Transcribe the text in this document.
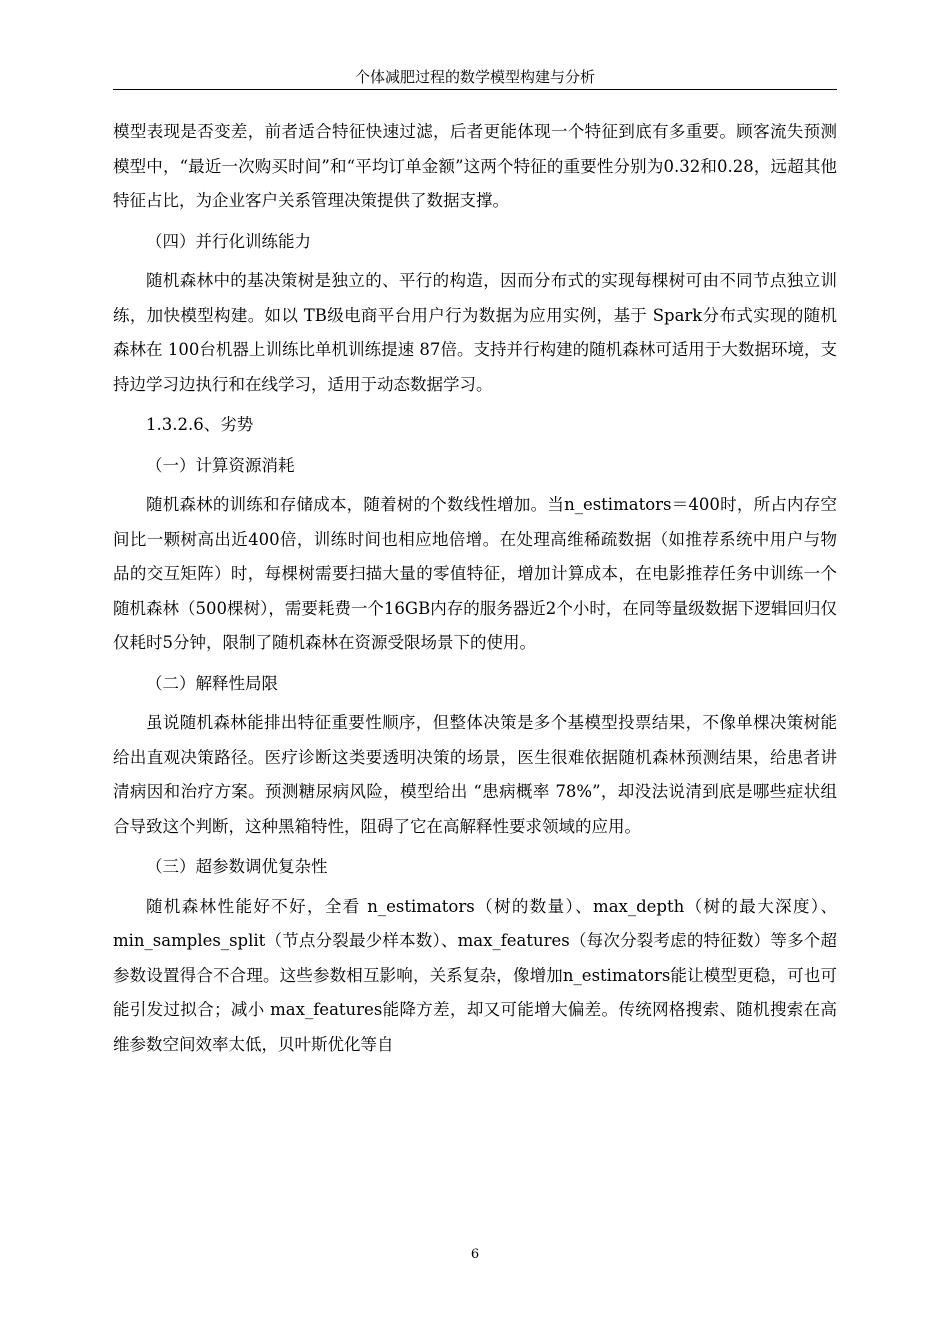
个体减肥过程的数学模型构建与分析

模型表现是否变差，前者适合特征快速过滤，后者更能体现一个特征到底有多重要。顾客流失预测模型中，“最近一次购买时间”和“平均订单金额”这两个特征的重要性分别为0.32和0.28，远超其他特征占比，为企业客户关系管理决策提供了数据支撑。

（四）并行化训练能力

随机森林中的基决策树是独立的、平行的构造，因而分布式的实现每棵树可由不同节点独立训练，加快模型构建。如以 TB级电商平台用户行为数据为应用实例，基于 Spark分布式实现的随机森林在 100台机器上训练比单机训练提速 87倍。支持并行构建的随机森林可适用于大数据环境，支持边学习边执行和在线学习，适用于动态数据学习。

1.3.2.6、劣势

（一）计算资源消耗

随机森林的训练和存储成本，随着树的个数线性增加。当n_estimators＝400时，所占内存空间比一颗树高出近400倍，训练时间也相应地倍增。在处理高维稀疏数据（如推荐系统中用户与物品的交互矩阵）时，每棵树需要扫描大量的零值特征，增加计算成本，在电影推荐任务中训练一个随机森林（500棵树），需要耗费一个16GB内存的服务器近2个小时，在同等量级数据下逻辑回归仅仅耗时5分钟，限制了随机森林在资源受限场景下的使用。

（二）解释性局限

虽说随机森林能排出特征重要性顺序，但整体决策是多个基模型投票结果，不像单棵决策树能给出直观决策路径。医疗诊断这类要透明决策的场景，医生很难依据随机森林预测结果，给患者讲清病因和治疗方案。预测糖尿病风险，模型给出 “患病概率 78%”，却没法说清到底是哪些症状组合导致这个判断，这种黑箱特性，阻碍了它在高解释性要求领域的应用。

（三）超参数调优复杂性

随机森林性能好不好，全看 n_estimators（树的数量）、max_depth（树的最大深度）、min_samples_split（节点分裂最少样本数）、max_features（每次分裂考虑的特征数）等多个超参数设置得合不合理。这些参数相互影响，关系复杂，像增加n_estimators能让模型更稳，可也可能引发过拟合；减小 max_features能降方差，却又可能增大偏差。传统网格搜索、随机搜索在高维参数空间效率太低，贝叶斯优化等自

6
